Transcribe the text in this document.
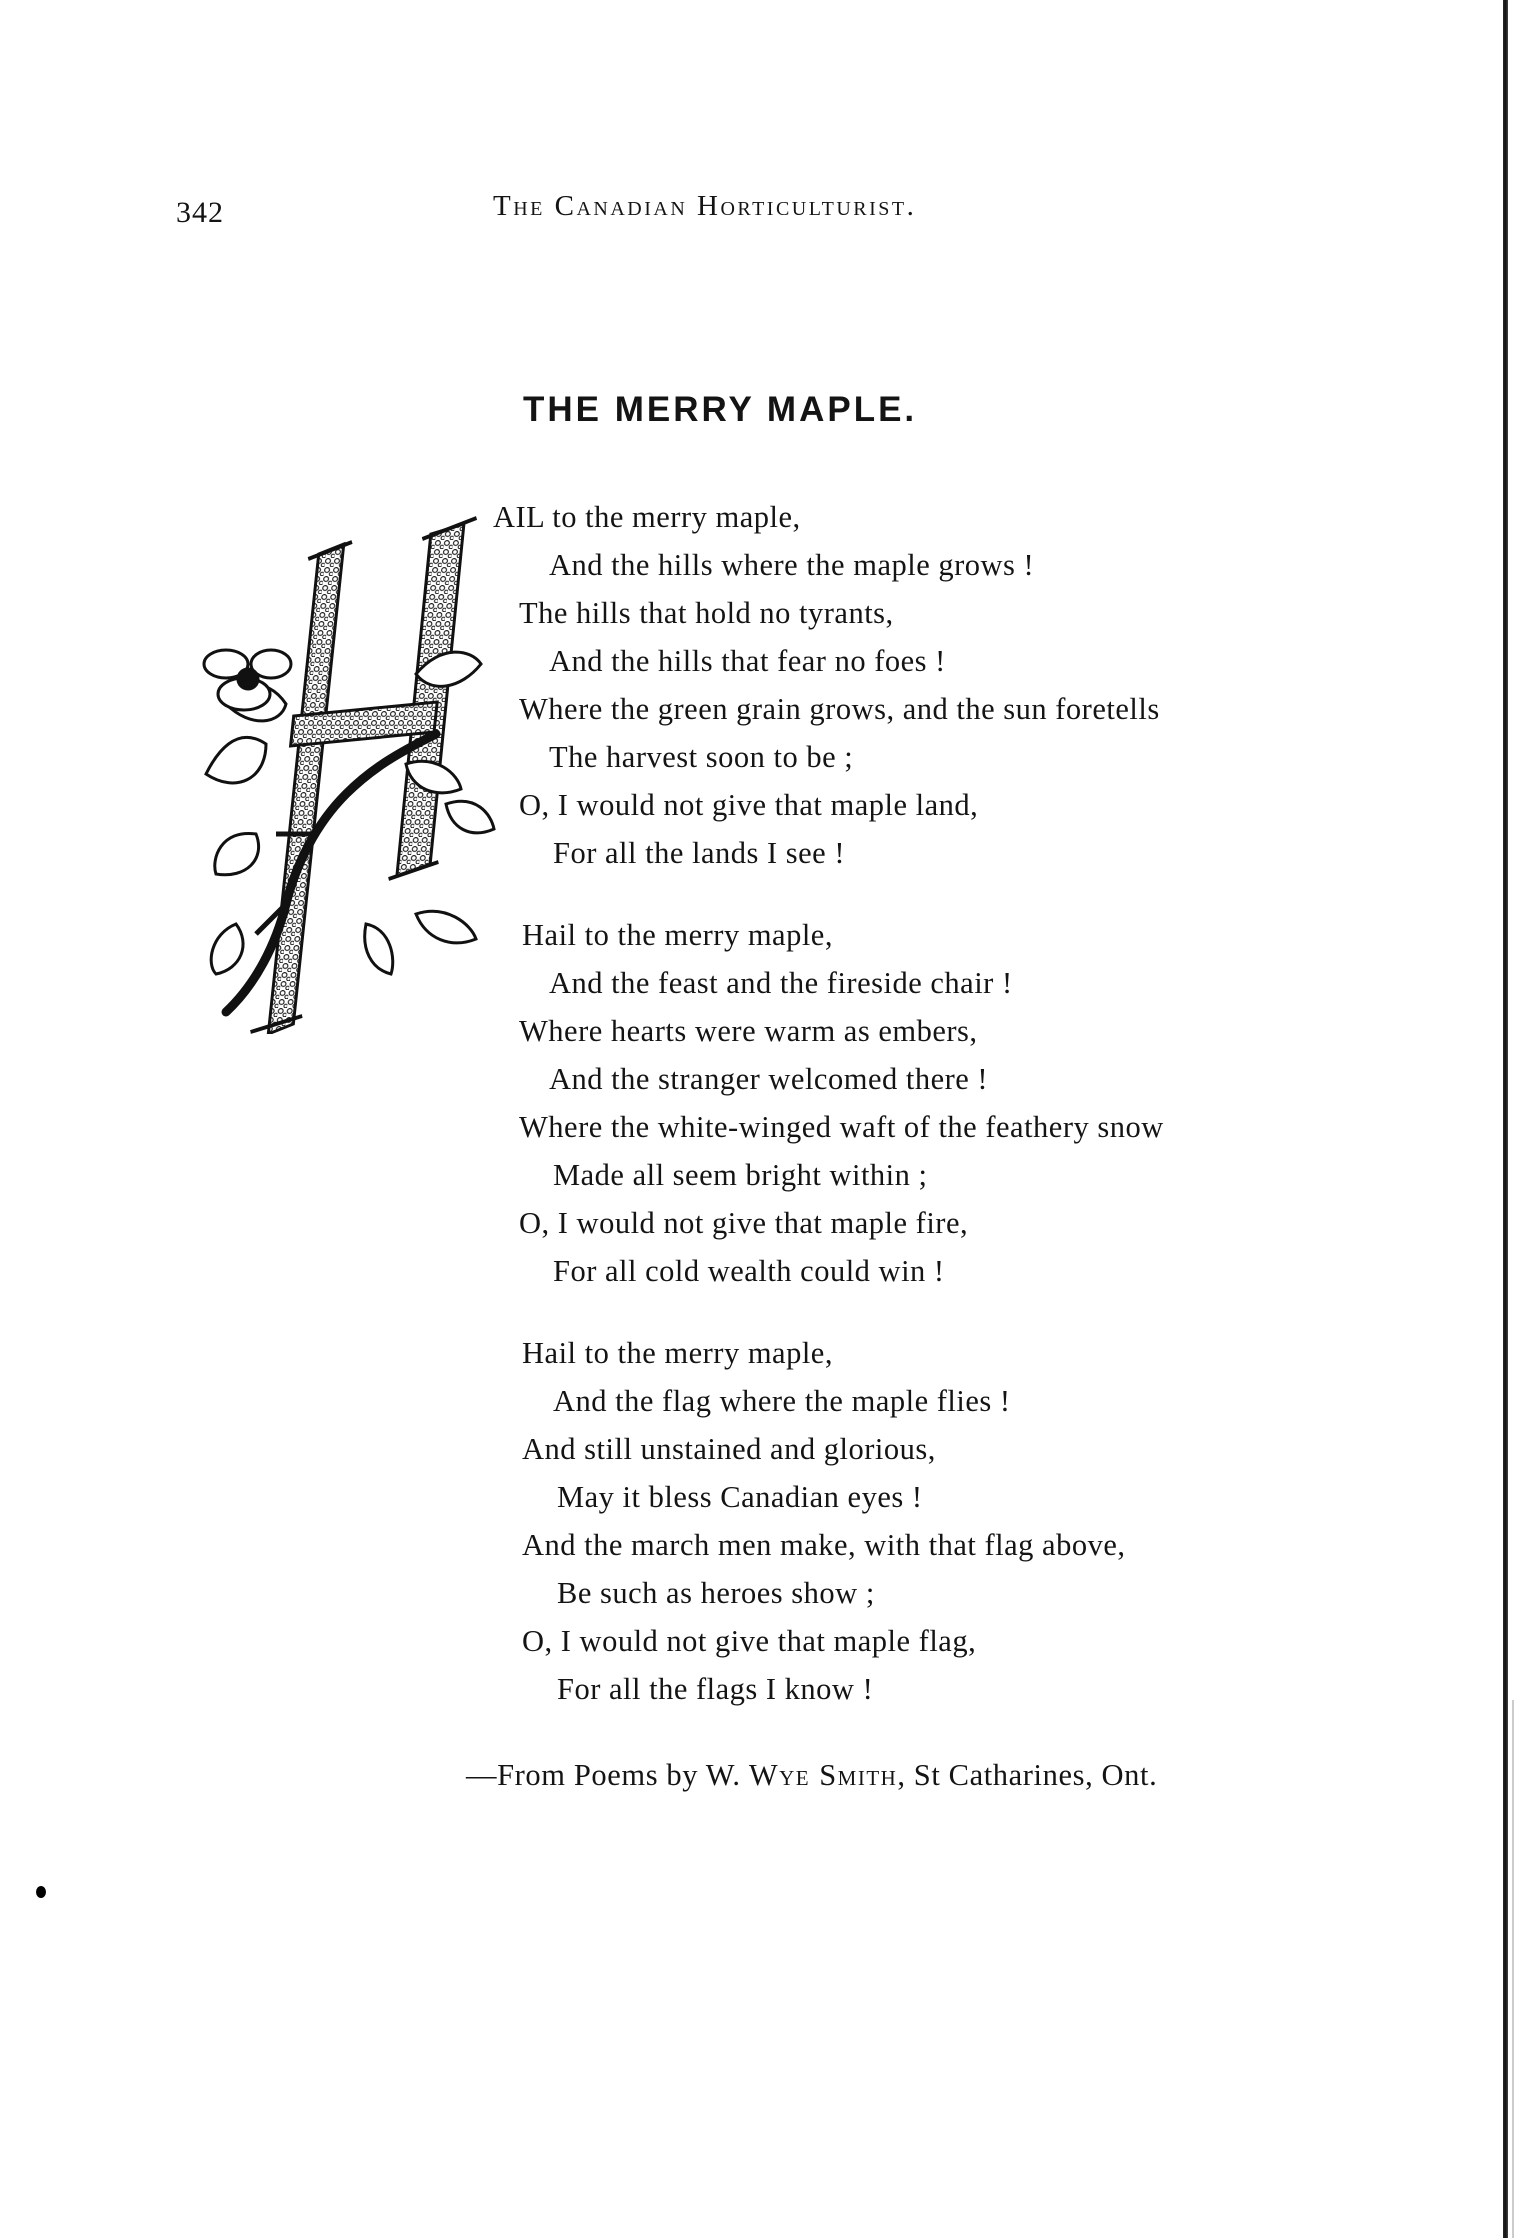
342	The Canadian Horticulturist.
THE MERRY MAPLE.
AIL to the merry maple,
And the hills where the maple grows !
The hills that hold no tyrants,
And the hills that fear no foes !
Where the green grain grows, and the sun foretells
The harvest soon to be ;
O, I would not give that maple land,
For all the lands I see !
Hail to the merry maple,
And the feast and the fireside chair !
Where hearts were warm as embers,
And the stranger welcomed there !
Where the white-winged waft of the feathery snow
Made all seem bright within ;
O, I would not give that maple fire,
For all cold wealth could win !
Hail to the merry maple,
And the flag where the maple flies !
And still unstained and glorious,
May it bless Canadian eyes !
And the march men make, with that flag above,
Be such as heroes show ;
O, I would not give that maple flag,
For all the flags I know !
—From Poems by W. Wye Smith, St Catharines, Ont.
